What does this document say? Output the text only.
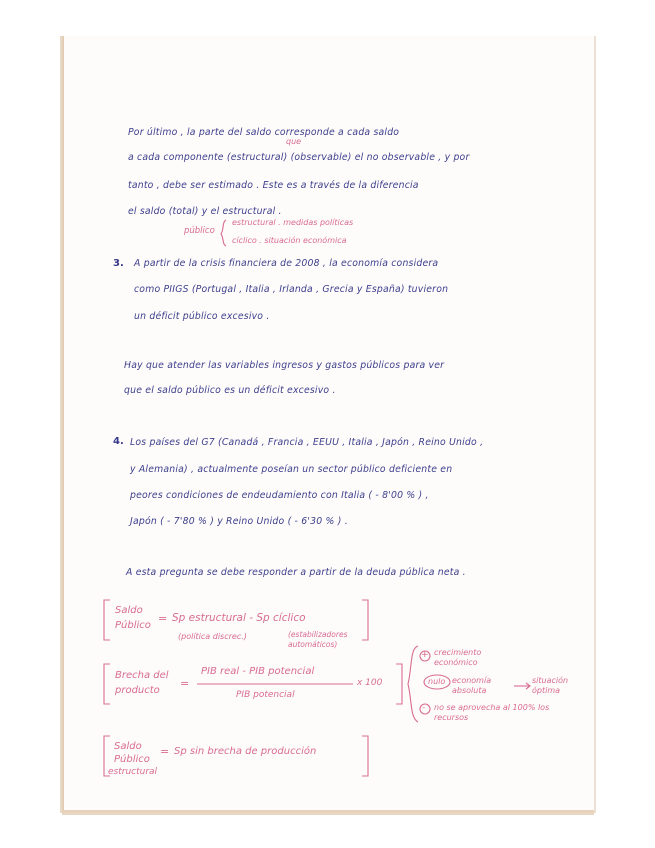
Por último , la parte del saldo corresponde a cada saldo
que
a cada componente (estructural) (observable) el no observable , y por
tanto , debe ser estimado . Este es a través de la diferencia
el saldo (total) y el estructural .
público
estructural . medidas políticas
cíclico . situación económica
3. A partir de la crisis financiera de 2008 , la economía considera
como PIIGS (Portugal , Italia , Irlanda , Grecia y España) tuvieron
un déficit público excesivo .
Hay que atender las variables ingresos y gastos públicos para ver
que el saldo público es un déficit excesivo .
4. Los países del G7 (Canadá , Francia , EEUU , Italia , Japón , Reino Unido ,
y Alemania) , actualmente poseían un sector público deficiente en
peores condiciones de endeudamiento con Italia ( - 8'00 % ) ,
Japón ( - 7'80 % ) y Reino Unido ( - 6'30 % ) .
A esta pregunta se debe responder a partir de la deuda pública neta .
Saldo
Público
= Sp estructural - Sp cíclico
(política discrec.)	(estabilizadores automáticos)
Brecha del
producto
=
PIB real - PIB potencial
PIB potencial
x 100
+ crecimiento económico
nulo economía absoluta
situación óptima
- no se aprovecha al 100% los recursos
Saldo
Público
estructural
= Sp sin brecha de producción
